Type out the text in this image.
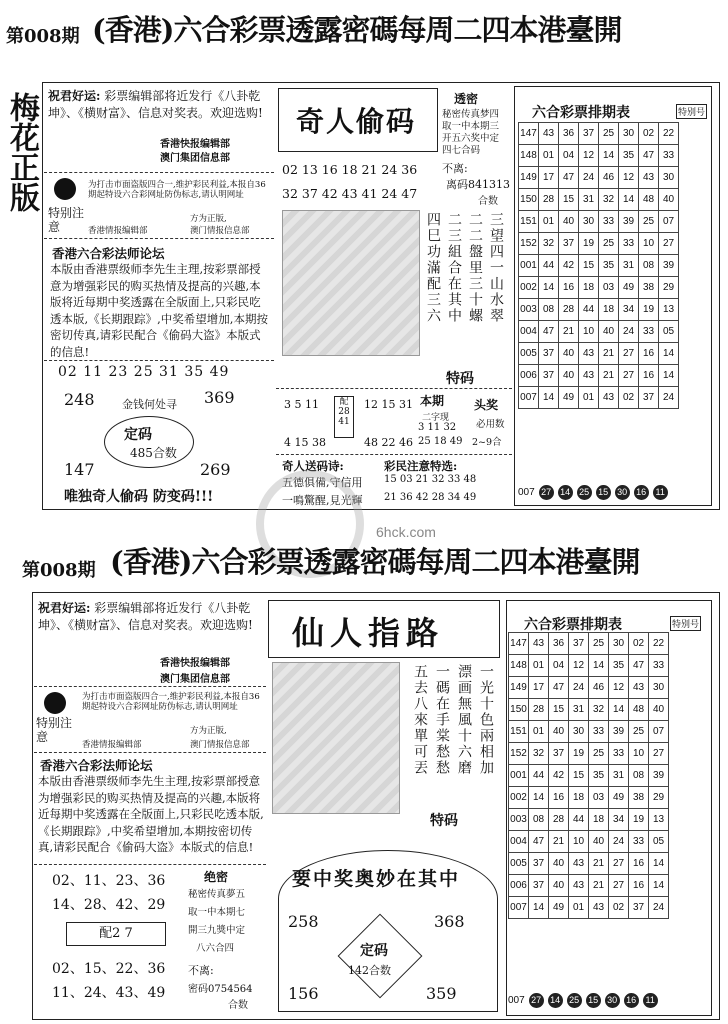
第008期 (香港)六合彩票透露密碼每周二四本港臺開
梅花正版 祝君好运: 彩票编辑部将近发行《八卦乾坤》、《横财富》、信息对奖表。欢迎选购!
香港快报编辑部
澳门集团信息部
特别注意
为打击市面盗版四合一,维护彩民利益,本报自36期起特设六合彩网址防伪标志,请认明网址
方为正版,
香港情报编辑部	澳门情报信息部
香港六合彩法师论坛
本版由香港票级师李先生主理,按彩票部授意为增强彩民的购买热情及提高的兴趣,本版将近每期中奖透露在全版面上,只彩民吃透本版,《长期跟踪》,中奖希望增加,本期按密切传真,请彩民配合《偷码大盗》本版式的信息!
02 11 23 25 31 35 49
248	369
金钱何处寻
定码
485合数
147	269
唯独奇人偷码 防变码!!!
奇人偷码
02 13 16 18 21 24 36
32 37 42 43 41 24 47
透密
秘密传真梦四
取一中本期三
开五六奖中定
四七合码
不离:
离码841313
合数
三望四一山水翠
二二盤里三十螺
二三組合在其中
四巳功滿配三六
特码
3 5 11	12 15 31
4 15 38	48 22 46
配28 41
本期
二字现
3 11 32
25 18 49
头奖
必用数
2~9合
奇人送码诗:
五德俱備,守信用
一鳴驚醒,見光輝
彩民注意特选:
15 03 21 32 33 48
21 36 42 28 34 49
六合彩票排期表	特别号
147	43	36	37	25	30	02	22
148	01	04	12	14	35	47	33
149	17	47	24	46	12	43	30
150	28	15	31	32	14	48	40
151	01	40	30	33	39	25	07
152	32	37	19	25	33	10	27
001	44	42	15	35	31	08	39
002	14	16	18	03	49	38	29
003	08	28	44	18	34	19	13
004	47	21	10	40	24	33	05
005	37	40	43	21	27	16	14
006	37	40	43	21	27	16	14
007	14	49	01	43	02	37	24
007 27 14 25 15 30 16	11
6hck.com
第008期 (香港)六合彩票透露密碼每周二四本港臺開
祝君好运: 彩票编辑部将近发行《八卦乾坤》、《横财富》、信息对奖表。欢迎选购!
香港快报编辑部
澳门集团信息部
特别注意
为打击市面盗版四合一,维护彩民利益,本报自36期起特设六合彩网址防伪标志,请认明网址
方为正版,
香港情报编辑部	澳门情报信息部
香港六合彩法师论坛
本版由香港票级师李先生主理,按彩票部授意为增强彩民的购买热情及提高的兴趣,本版将近每期中奖透露在全版面上,只彩民吃透本版,《长期跟踪》,中奖希望增加,本期按密切传真,请彩民配合《偷码大盗》本版式的信息!
02、11、23、36
14、28、42、29
配2 7
02、15、22、36
11、24、43、49
绝密
秘密传真夢五
取一中本期七
開三九獎中定
八六合四
不离:
密码0754564
合数
仙人指路
一光十色兩相加
漂画無風十六磨
一碼在手棠愁愁
五去八來單可丟
特码
要中奖奥妙在其中
258	368
定码
142合数
156	359
六合彩票排期表	特别号
147	43	36	37	25	30	02	22
148	01	04	12	14	35	47	33
149	17	47	24	46	12	43	30
150	28	15	31	32	14	48	40
151	01	40	30	33	39	25	07
152	32	37	19	25	33	10	27
001	44	42	15	35	31	08	39
002	14	16	18	03	49	38	29
003	08	28	44	18	34	19	13
004	47	21	10	40	24	33	05
005	37	40	43	21	27	16	14
006	37	40	43	21	27	16	14
007	14	49	01	43	02	37	24
007 27 14 25 15 30 16	11
